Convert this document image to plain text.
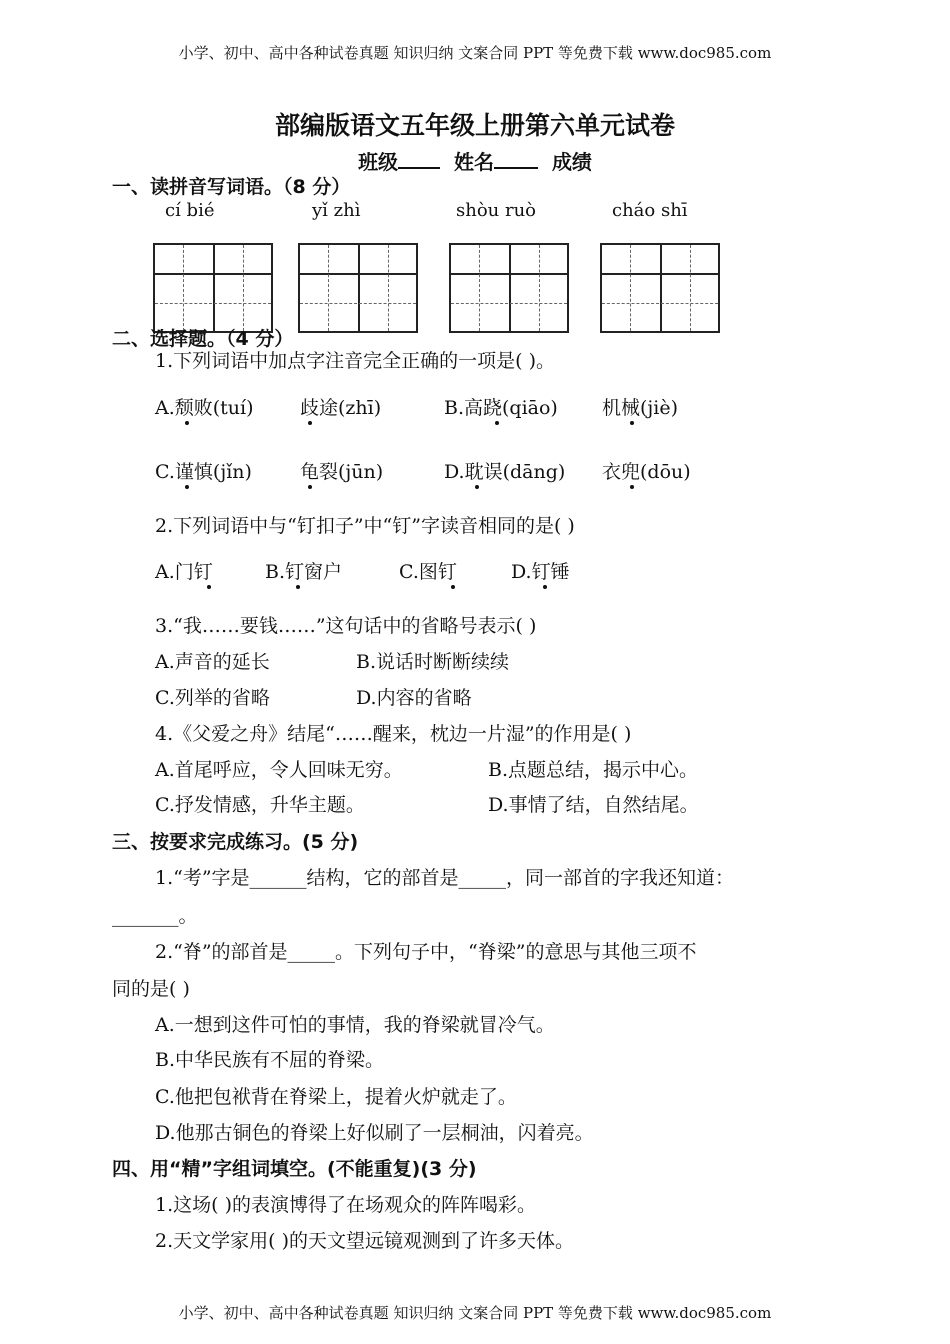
小学、初中、高中各种试卷真题 知识归纳 文案合同 PPT 等免费下载 www.doc985.com
部编版语文五年级上册第六单元试卷
班级	姓名	成绩
一、读拼音写词语。（8 分）
cí bié	yǐ zhì	shòu ruò	cháo shī
二、选择题。（4 分）
1.下列词语中加点字注音完全正确的一项是( )。
A.颓败(tuí) 歧途(zhī)	B.高跷(qiāo) 机械(jiè)
C.谨慎(jǐn)	龟裂(jūn)	D.耽误(dāng) 衣兜(dōu)
2.下列词语中与“钉扣子”中“钉”字读音相同的是( )
A.门钉	B.钉窗户	C.图钉	D.钉锤
3.“我……要钱……”这句话中的省略号表示( )
A.声音的延长	B.说话时断断续续
C.列举的省略	D.内容的省略
4.《父爱之舟》结尾“……醒来，枕边一片湿”的作用是( )
A.首尾呼应，令人回味无穷。	B.点题总结，揭示中心。
C.抒发情感，升华主题。	D.事情了结，自然结尾。
三、按要求完成练习。(5 分)
1.“考”字是______结构，它的部首是_____，同一部首的字我还知道：
_______。
2.“脊”的部首是_____。下列句子中，“脊梁”的意思与其他三项不
同的是( )
A.一想到这件可怕的事情，我的脊梁就冒冷气。
B.中华民族有不屈的脊梁。
C.他把包袱背在脊梁上，提着火炉就走了。
D.他那古铜色的脊梁上好似刷了一层桐油，闪着亮。
四、用“精”字组词填空。(不能重复)(3 分)
1.这场( )的表演博得了在场观众的阵阵喝彩。
2.天文学家用( )的天文望远镜观测到了许多天体。
小学、初中、高中各种试卷真题 知识归纳 文案合同 PPT 等免费下载 www.doc985.com
